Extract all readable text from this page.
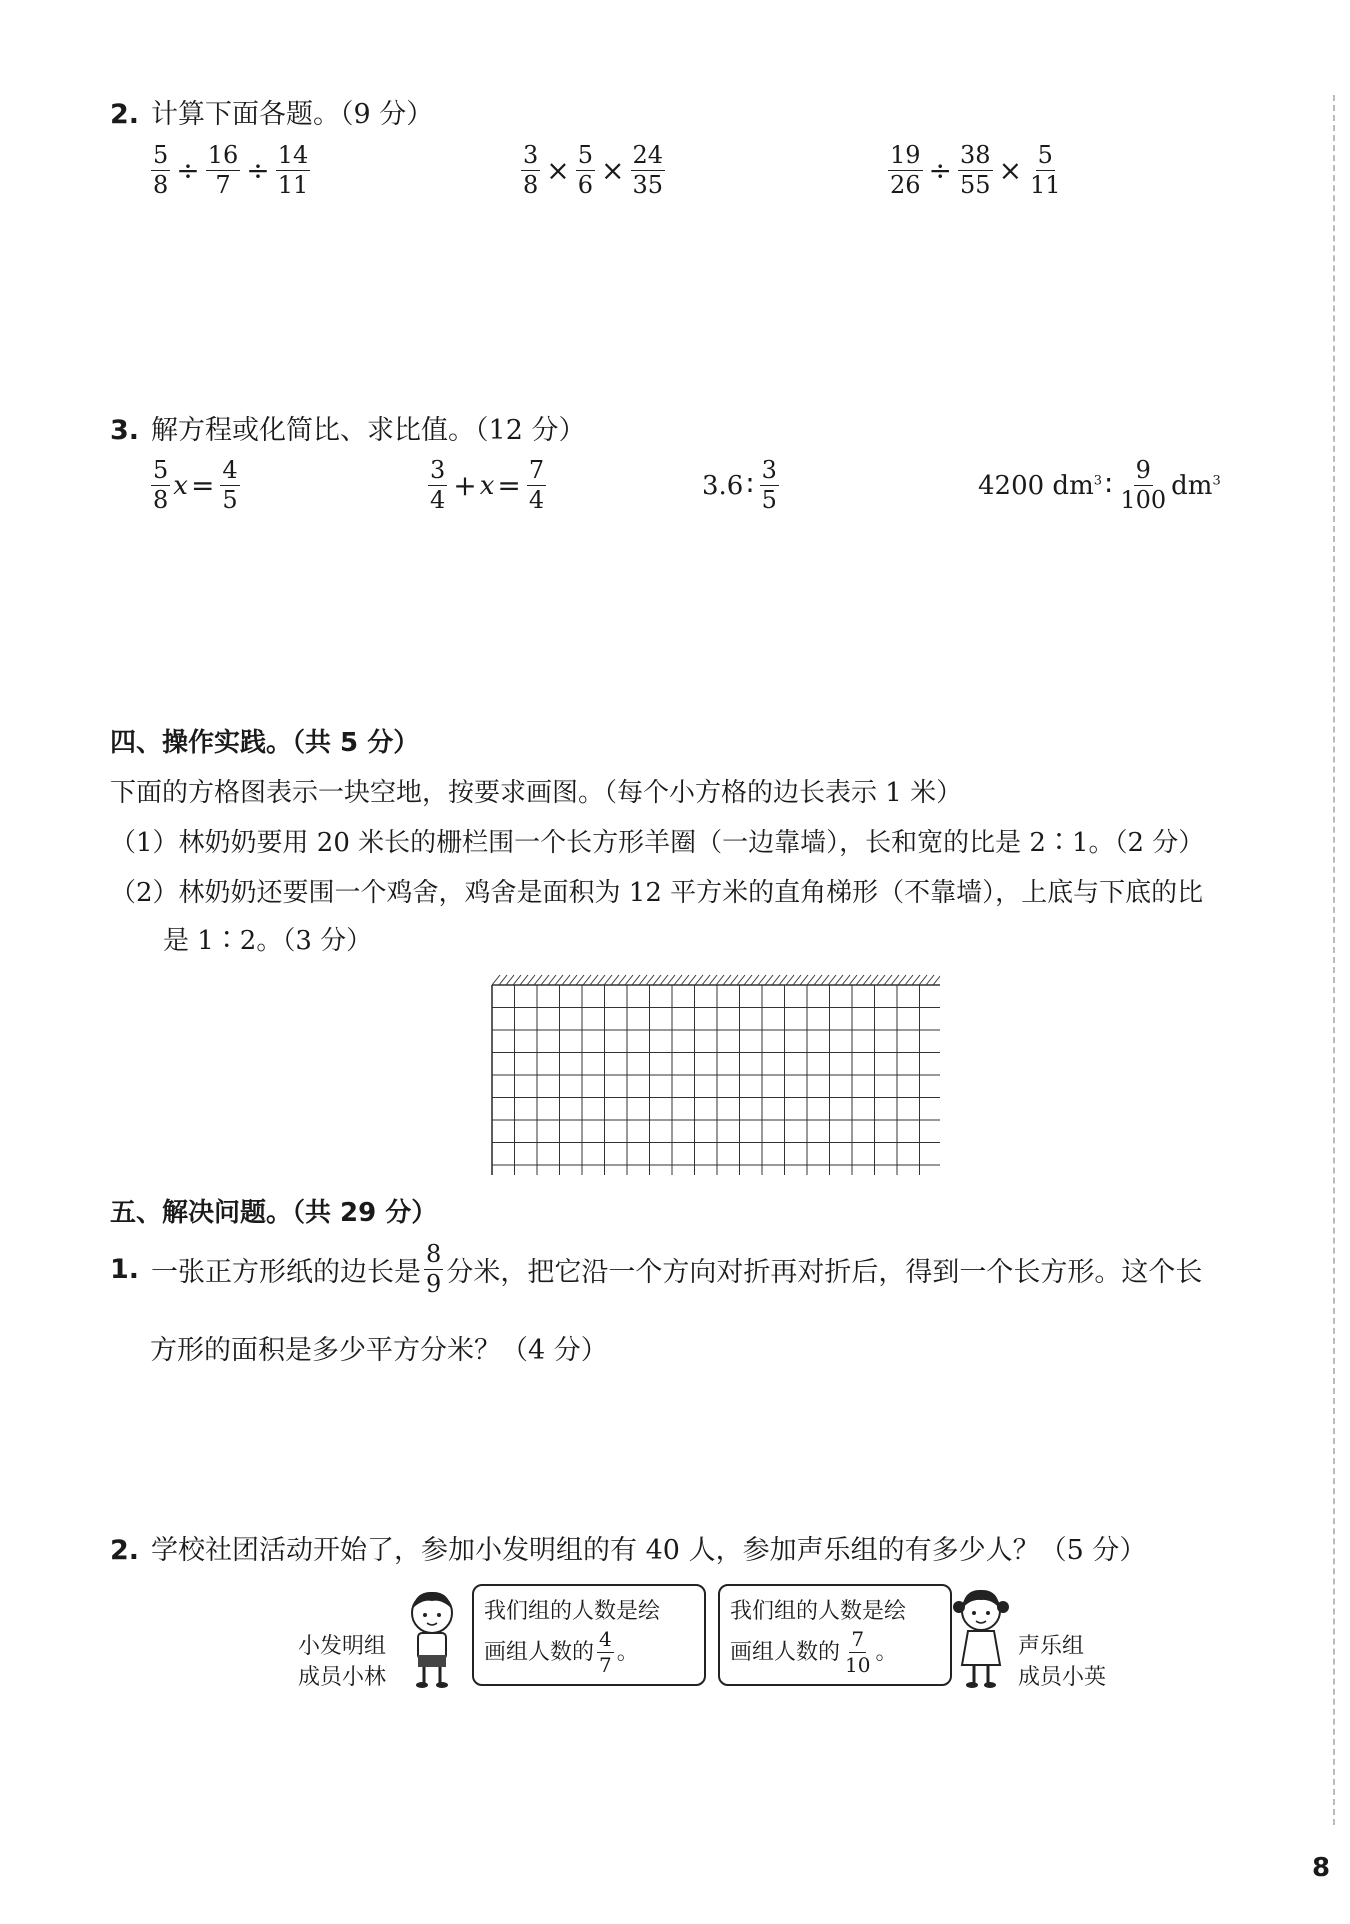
2. 计算下面各题。（9 分）
$\frac{5}{8} \div \frac{16}{7} \div \frac{14}{11}$	$\frac{3}{8} \times \frac{5}{6} \times \frac{24}{35}$	$\frac{19}{26} \div \frac{38}{55} \times \frac{5}{11}$
3. 解方程或化简比、求比值。（12 分）
$\frac{5}{8}$ $x = \frac{4}{5}$	$\frac{3}{4} + x = \frac{7}{4}$	3.6 ∶ $\frac{3}{5}$	4200 $dm^3$ ∶ $\frac{9}{100} dm^3$
四、操作实践。（共 5 分）
下面的方格图表示一块空地，按要求画图。（每个小方格的边长表示 1 米）
（1）林奶奶要用 20 米长的栅栏围一个长方形羊圈（一边靠墙），长和宽的比是 2∶1。（2 分）
（2）林奶奶还要围一个鸡舍，鸡舍是面积为 12 平方米的直角梯形（不靠墙），上底与下底的比
是 1∶2。（3 分）
五、解决问题。（共 29 分）
1. 一张正方形纸的边长是 $\frac{8}{9}$ 分米，把它沿一个方向对折再对折后，得到一个长方形。这个长
方形的面积是多少平方分米？（4 分）
2. 学校社团活动开始了，参加小发明组的有 40 人，参加声乐组的有多少人？（5 分）
小发明组
成员小林
我们组的人数是绘
画组人数的 $\frac{4}{7}$ 。
我们组的人数是绘
画组人数的 $\frac{7}{10}$ 。	声乐组
成员小英
8
